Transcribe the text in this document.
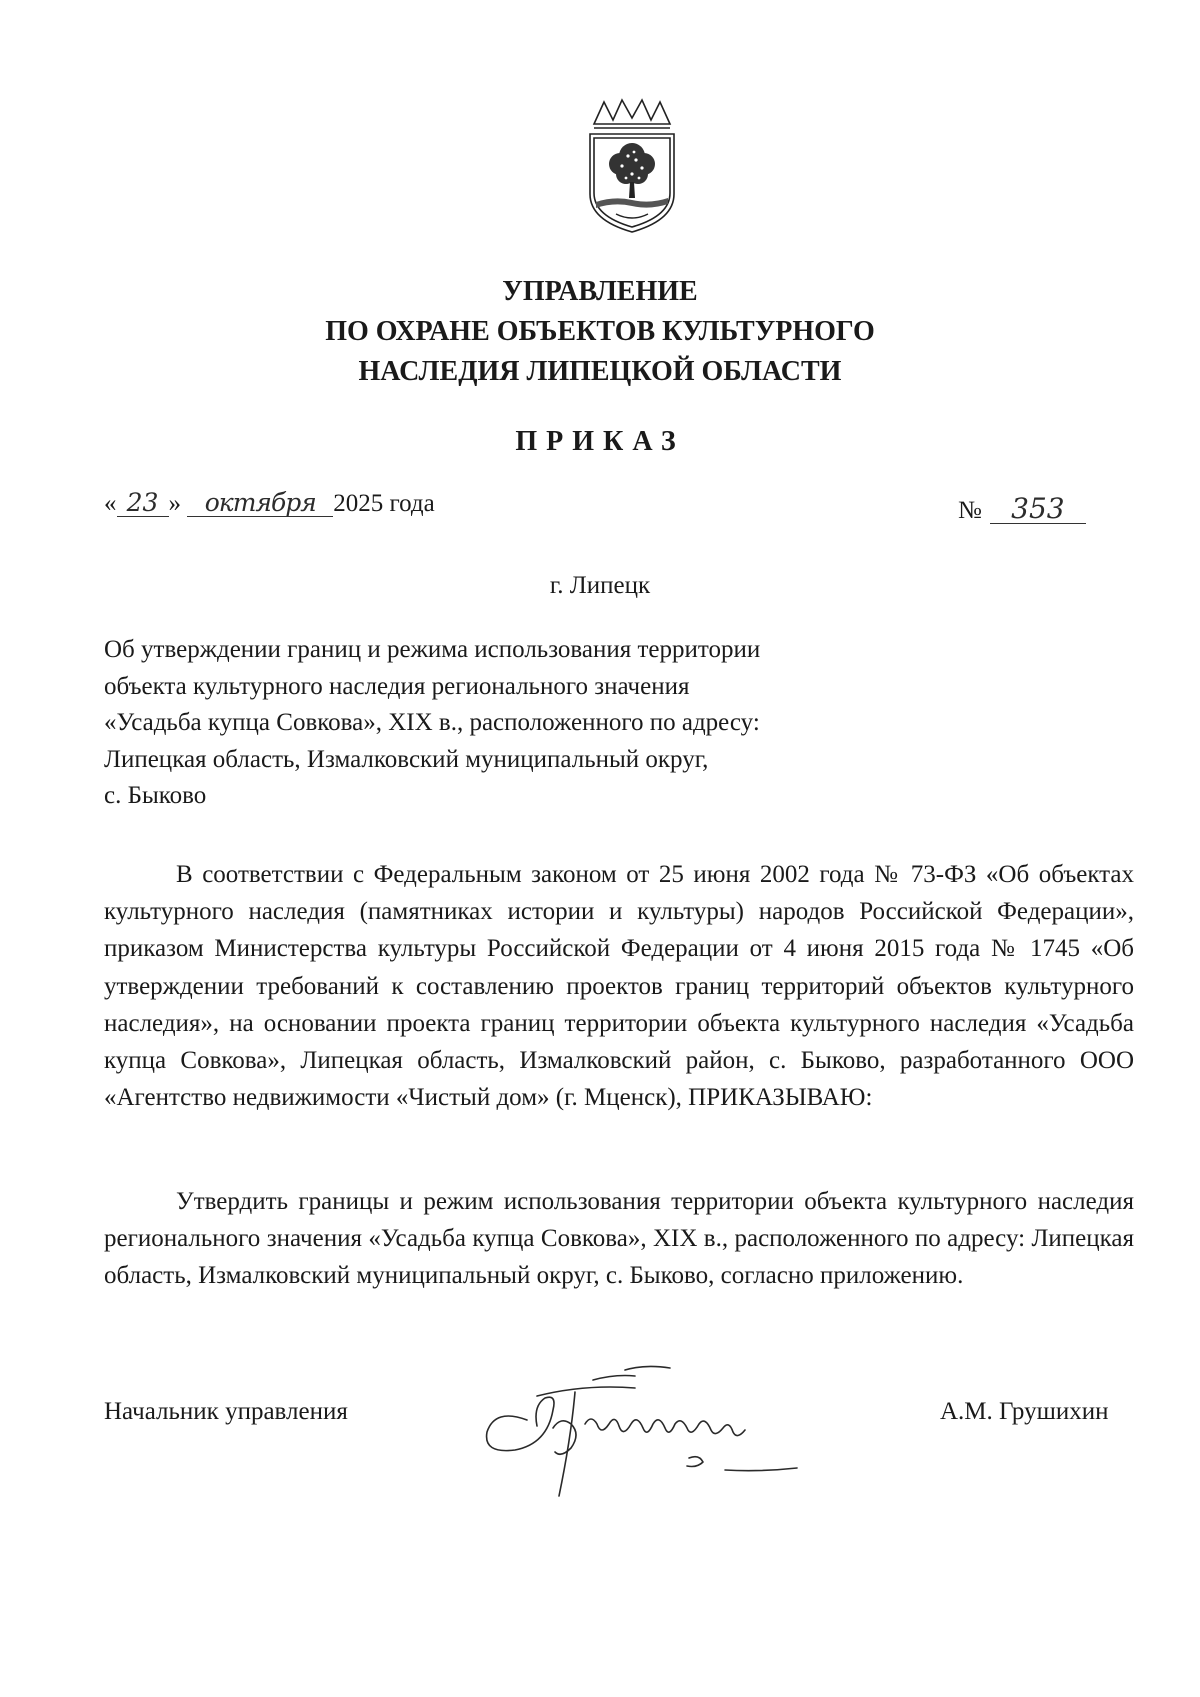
УПРАВЛЕНИЕ
ПО ОХРАНЕ ОБЪЕКТОВ КУЛЬТУРНОГО
НАСЛЕДИЯ ЛИПЕЦКОЙ ОБЛАСТИ
ПРИКАЗ
« 23 » октября 2025 года	№ 353
г. Липецк
Об утверждении границ и режима использования территории
объекта культурного наследия регионального значения
«Усадьба купца Совкова», XIX в., расположенного по адресу:
Липецкая область, Измалковский муниципальный округ,
с. Быково

В соответствии с Федеральным законом от 25 июня 2002 года № 73-ФЗ «Об объектах культурного наследия (памятниках истории и культуры) народов Российской Федерации», приказом Министерства культуры Российской Федерации от 4 июня 2015 года № 1745 «Об утверждении требований к составлению проектов границ территорий объектов культурного наследия», на основании проекта границ территории объекта культурного наследия «Усадьба купца Совкова», Липецкая область, Измалковский район, с. Быково, разработанного ООО «Агентство недвижимости «Чистый дом» (г. Мценск), ПРИКАЗЫВАЮ:

Утвердить границы и режим использования территории объекта культурного наследия регионального значения «Усадьба купца Совкова», XIX в., расположенного по адресу: Липецкая область, Измалковский муниципальный округ, с. Быково, согласно приложению.

Начальник управления	А.М. Грушихин
